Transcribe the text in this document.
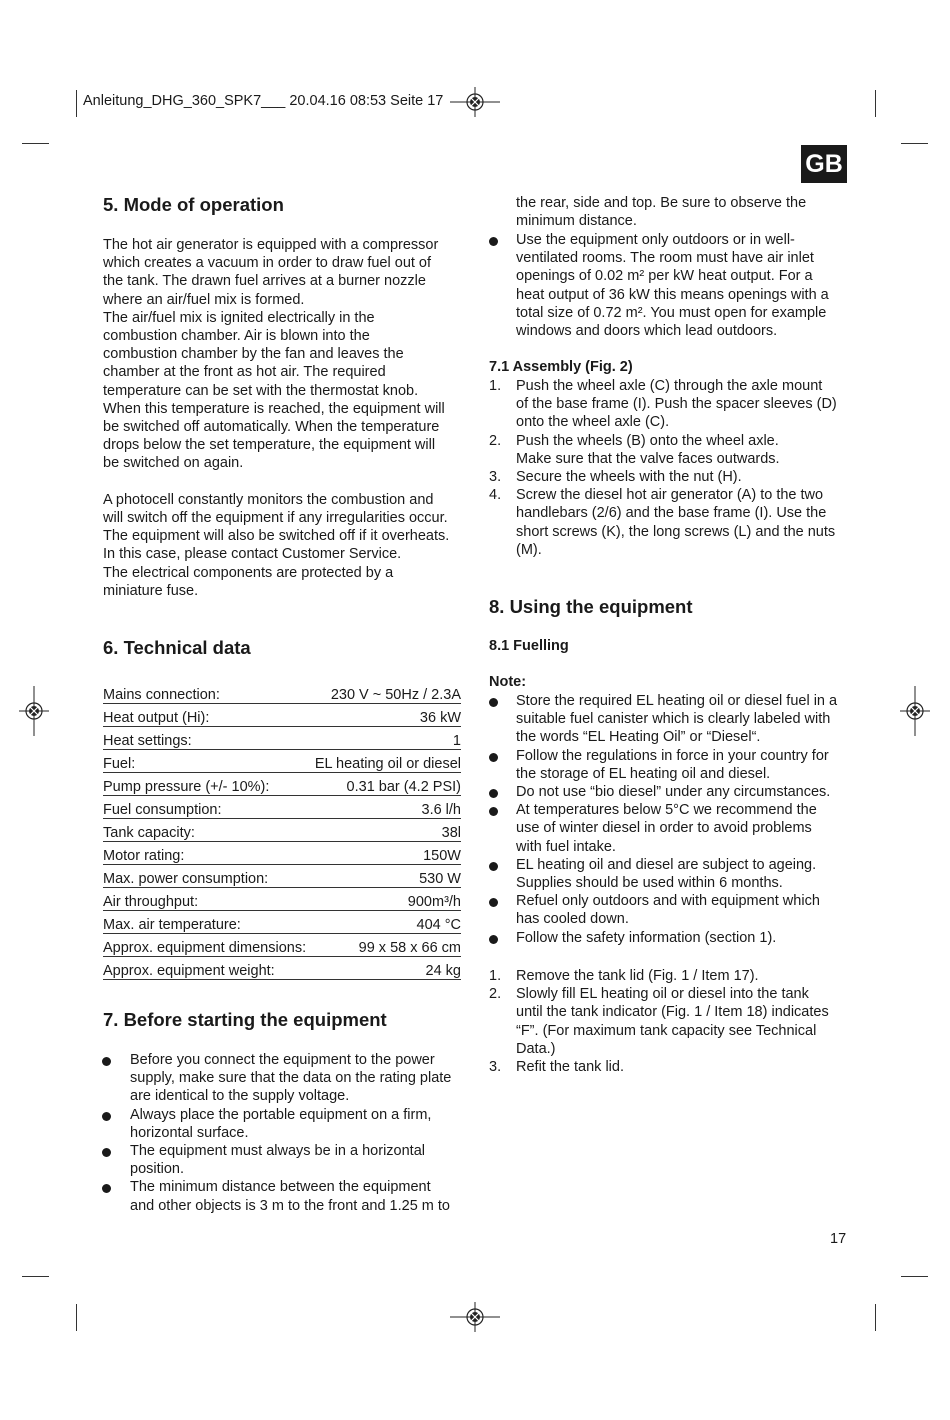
Anleitung_DHG_360_SPK7___ 20.04.16 08:53 Seite 17
GB
5. Mode of operation
The hot air generator is equipped with a compressor
which creates a vacuum in order to draw fuel out of
the tank. The drawn fuel arrives at a burner nozzle
where an air/fuel mix is formed.
The air/fuel mix is ignited electrically in the
combustion chamber. Air is blown into the
combustion chamber by the fan and leaves the
chamber at the front as hot air. The required
temperature can be set with the thermostat knob.
When this temperature is reached, the equipment will
be switched off automatically. When the temperature
drops below the set temperature, the equipment will
be switched on again.
A photocell constantly monitors the combustion and
will switch off the equipment if any irregularities occur.
The equipment will also be switched off if it overheats.
In this case, please contact Customer Service.
The electrical components are protected by a
miniature fuse.
6. Technical data
Mains connection:	230 V ~ 50Hz / 2.3A
Heat output (Hi):	36 kW
Heat settings:	1
Fuel:	EL heating oil or diesel
Pump pressure (+/- 10%):	0.31 bar (4.2 PSI)
Fuel consumption:	3.6 l/h
Tank capacity:	38l
Motor rating:	150W
Max. power consumption:	530 W
Air throughput:	900m³/h
Max. air temperature:	404 °C
Approx. equipment dimensions:	99 x 58 x 66 cm
Approx. equipment weight:	24 kg
7. Before starting the equipment
Before you connect the equipment to the power
supply, make sure that the data on the rating plate
are identical to the supply voltage.
Always place the portable equipment on a firm,
horizontal surface.
The equipment must always be in a horizontal
position.
The minimum distance between the equipment
and other objects is 3 m to the front and 1.25 m to
the rear, side and top. Be sure to observe the
minimum distance.
Use the equipment only outdoors or in well-
ventilated rooms. The room must have air inlet
openings of 0.02 m² per kW heat output. For a
heat output of 36 kW this means openings with a
total size of 0.72 m². You must open for example
windows and doors which lead outdoors.
7.1 Assembly (Fig. 2)
1. Push the wheel axle (C) through the axle mount
of the base frame (I). Push the spacer sleeves (D)
onto the wheel axle (C).
2. Push the wheels (B) onto the wheel axle.
Make sure that the valve faces outwards.
3. Secure the wheels with the nut (H).
4. Screw the diesel hot air generator (A) to the two
handlebars (2/6) and the base frame (I). Use the
short screws (K), the long screws (L) and the nuts
(M).
8. Using the equipment
8.1 Fuelling
Note:
Store the required EL heating oil or diesel fuel in a
suitable fuel canister which is clearly labeled with
the words “EL Heating Oil” or “Diesel“.
Follow the regulations in force in your country for
the storage of EL heating oil and diesel.
Do not use “bio diesel” under any circumstances.
At temperatures below 5°C we recommend the
use of winter diesel in order to avoid problems
with fuel intake.
EL heating oil and diesel are subject to ageing.
Supplies should be used within 6 months.
Refuel only outdoors and with equipment which
has cooled down.
Follow the safety information (section 1).
1. Remove the tank lid (Fig. 1 / Item 17).
2. Slowly fill EL heating oil or diesel into the tank
until the tank indicator (Fig. 1 / Item 18) indicates
“F”. (For maximum tank capacity see Technical
Data.)
3. Refit the tank lid.
17
